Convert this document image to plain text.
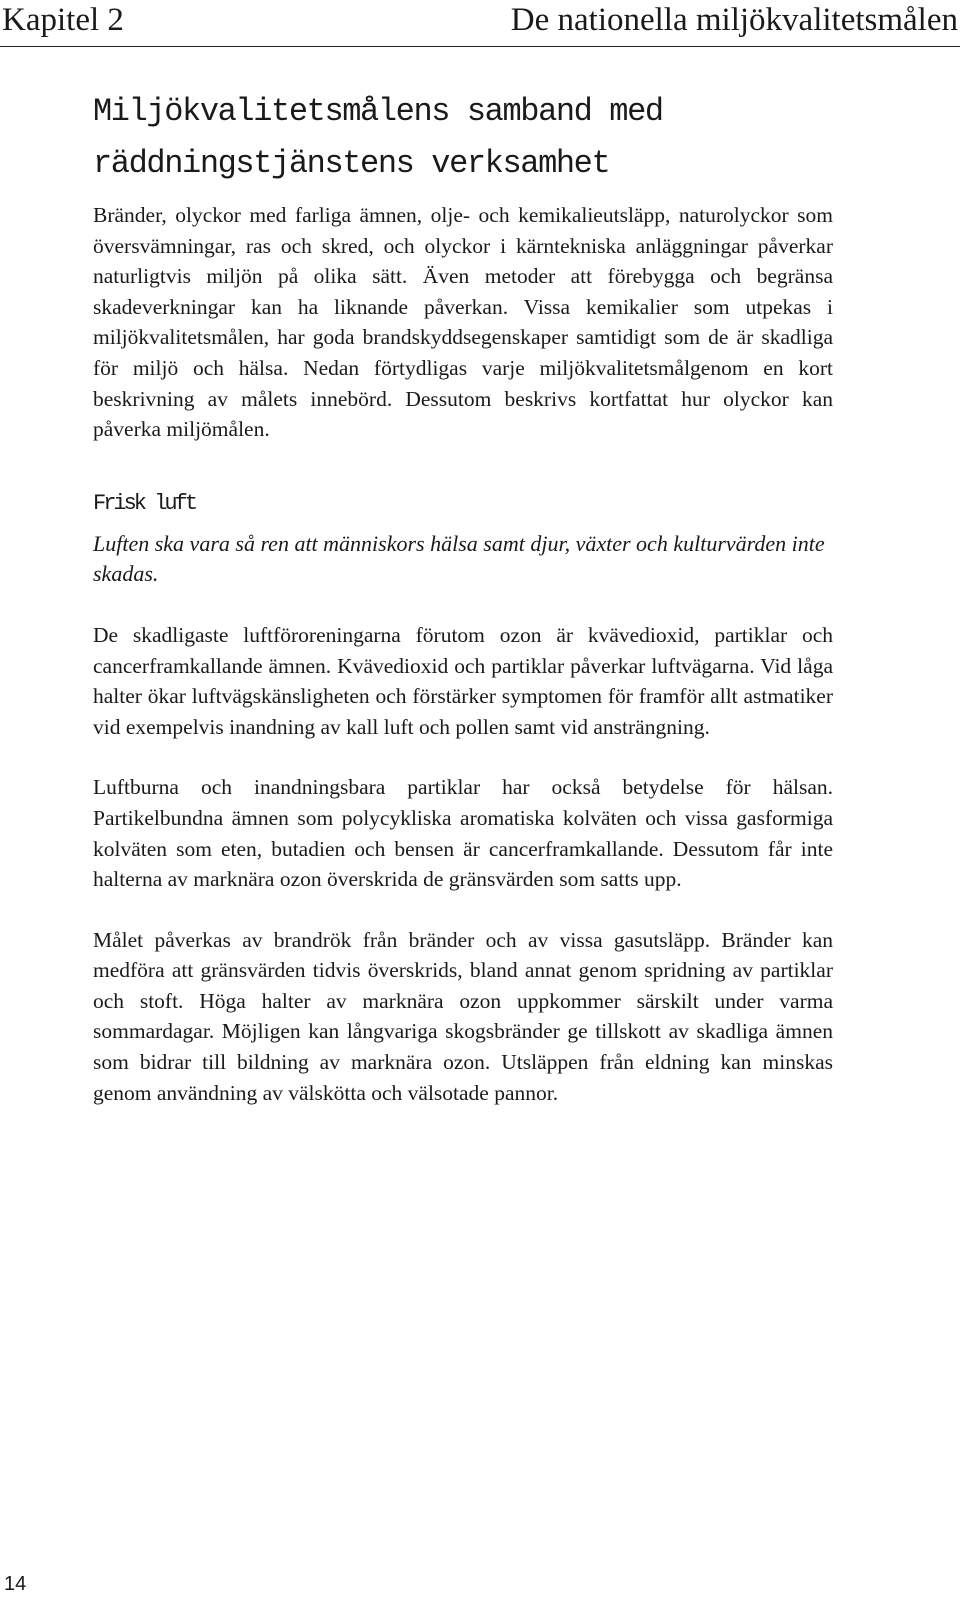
Kapitel 2	De nationella miljökvalitetsmålen
Miljökvalitetsmålens samband med räddningstjänstens verksamhet

Bränder, olyckor med farliga ämnen, olje- och kemikalieutsläpp, naturolyckor som översvämningar, ras och skred, och olyckor i kärntekniska anläggningar påverkar naturligtvis miljön på olika sätt. Även metoder att förebygga och begränsa skadeverkningar kan ha liknande påverkan. Vissa kemikalier som utpekas i miljökvalitetsmålen, har goda brandskyddsegenskaper samtidigt som de är skadliga för miljö och hälsa. Nedan förtydligas varje miljökvalitetsmålgenom en kort beskrivning av målets innebörd. Dessutom beskrivs kortfattat hur olyckor kan påverka miljömålen.

Frisk luft

Luften ska vara så ren att människors hälsa samt djur, växter och kulturvärden inte skadas.

De skadligaste luftföroreningarna förutom ozon är kvävedioxid, partiklar och cancerframkallande ämnen. Kvävedioxid och partiklar påverkar luftvägarna. Vid låga halter ökar luftvägskänsligheten och förstärker symptomen för framför allt astmatiker vid exempelvis inandning av kall luft och pollen samt vid ansträngning.

Luftburna och inandningsbara partiklar har också betydelse för hälsan. Partikelbundna ämnen som polycykliska aromatiska kolväten och vissa gasformiga kolväten som eten, butadien och bensen är cancerframkallande. Dessutom får inte halterna av marknära ozon överskrida de gränsvärden som satts upp.

Målet påverkas av brandrök från bränder och av vissa gasutsläpp. Bränder kan medföra att gränsvärden tidvis överskrids, bland annat genom spridning av partiklar och stoft. Höga halter av marknära ozon uppkommer särskilt under varma sommardagar. Möjligen kan långvariga skogsbränder ge tillskott av skadliga ämnen som bidrar till bildning av marknära ozon. Utsläppen från eldning kan minskas genom användning av välskötta och välsotade pannor.

14
